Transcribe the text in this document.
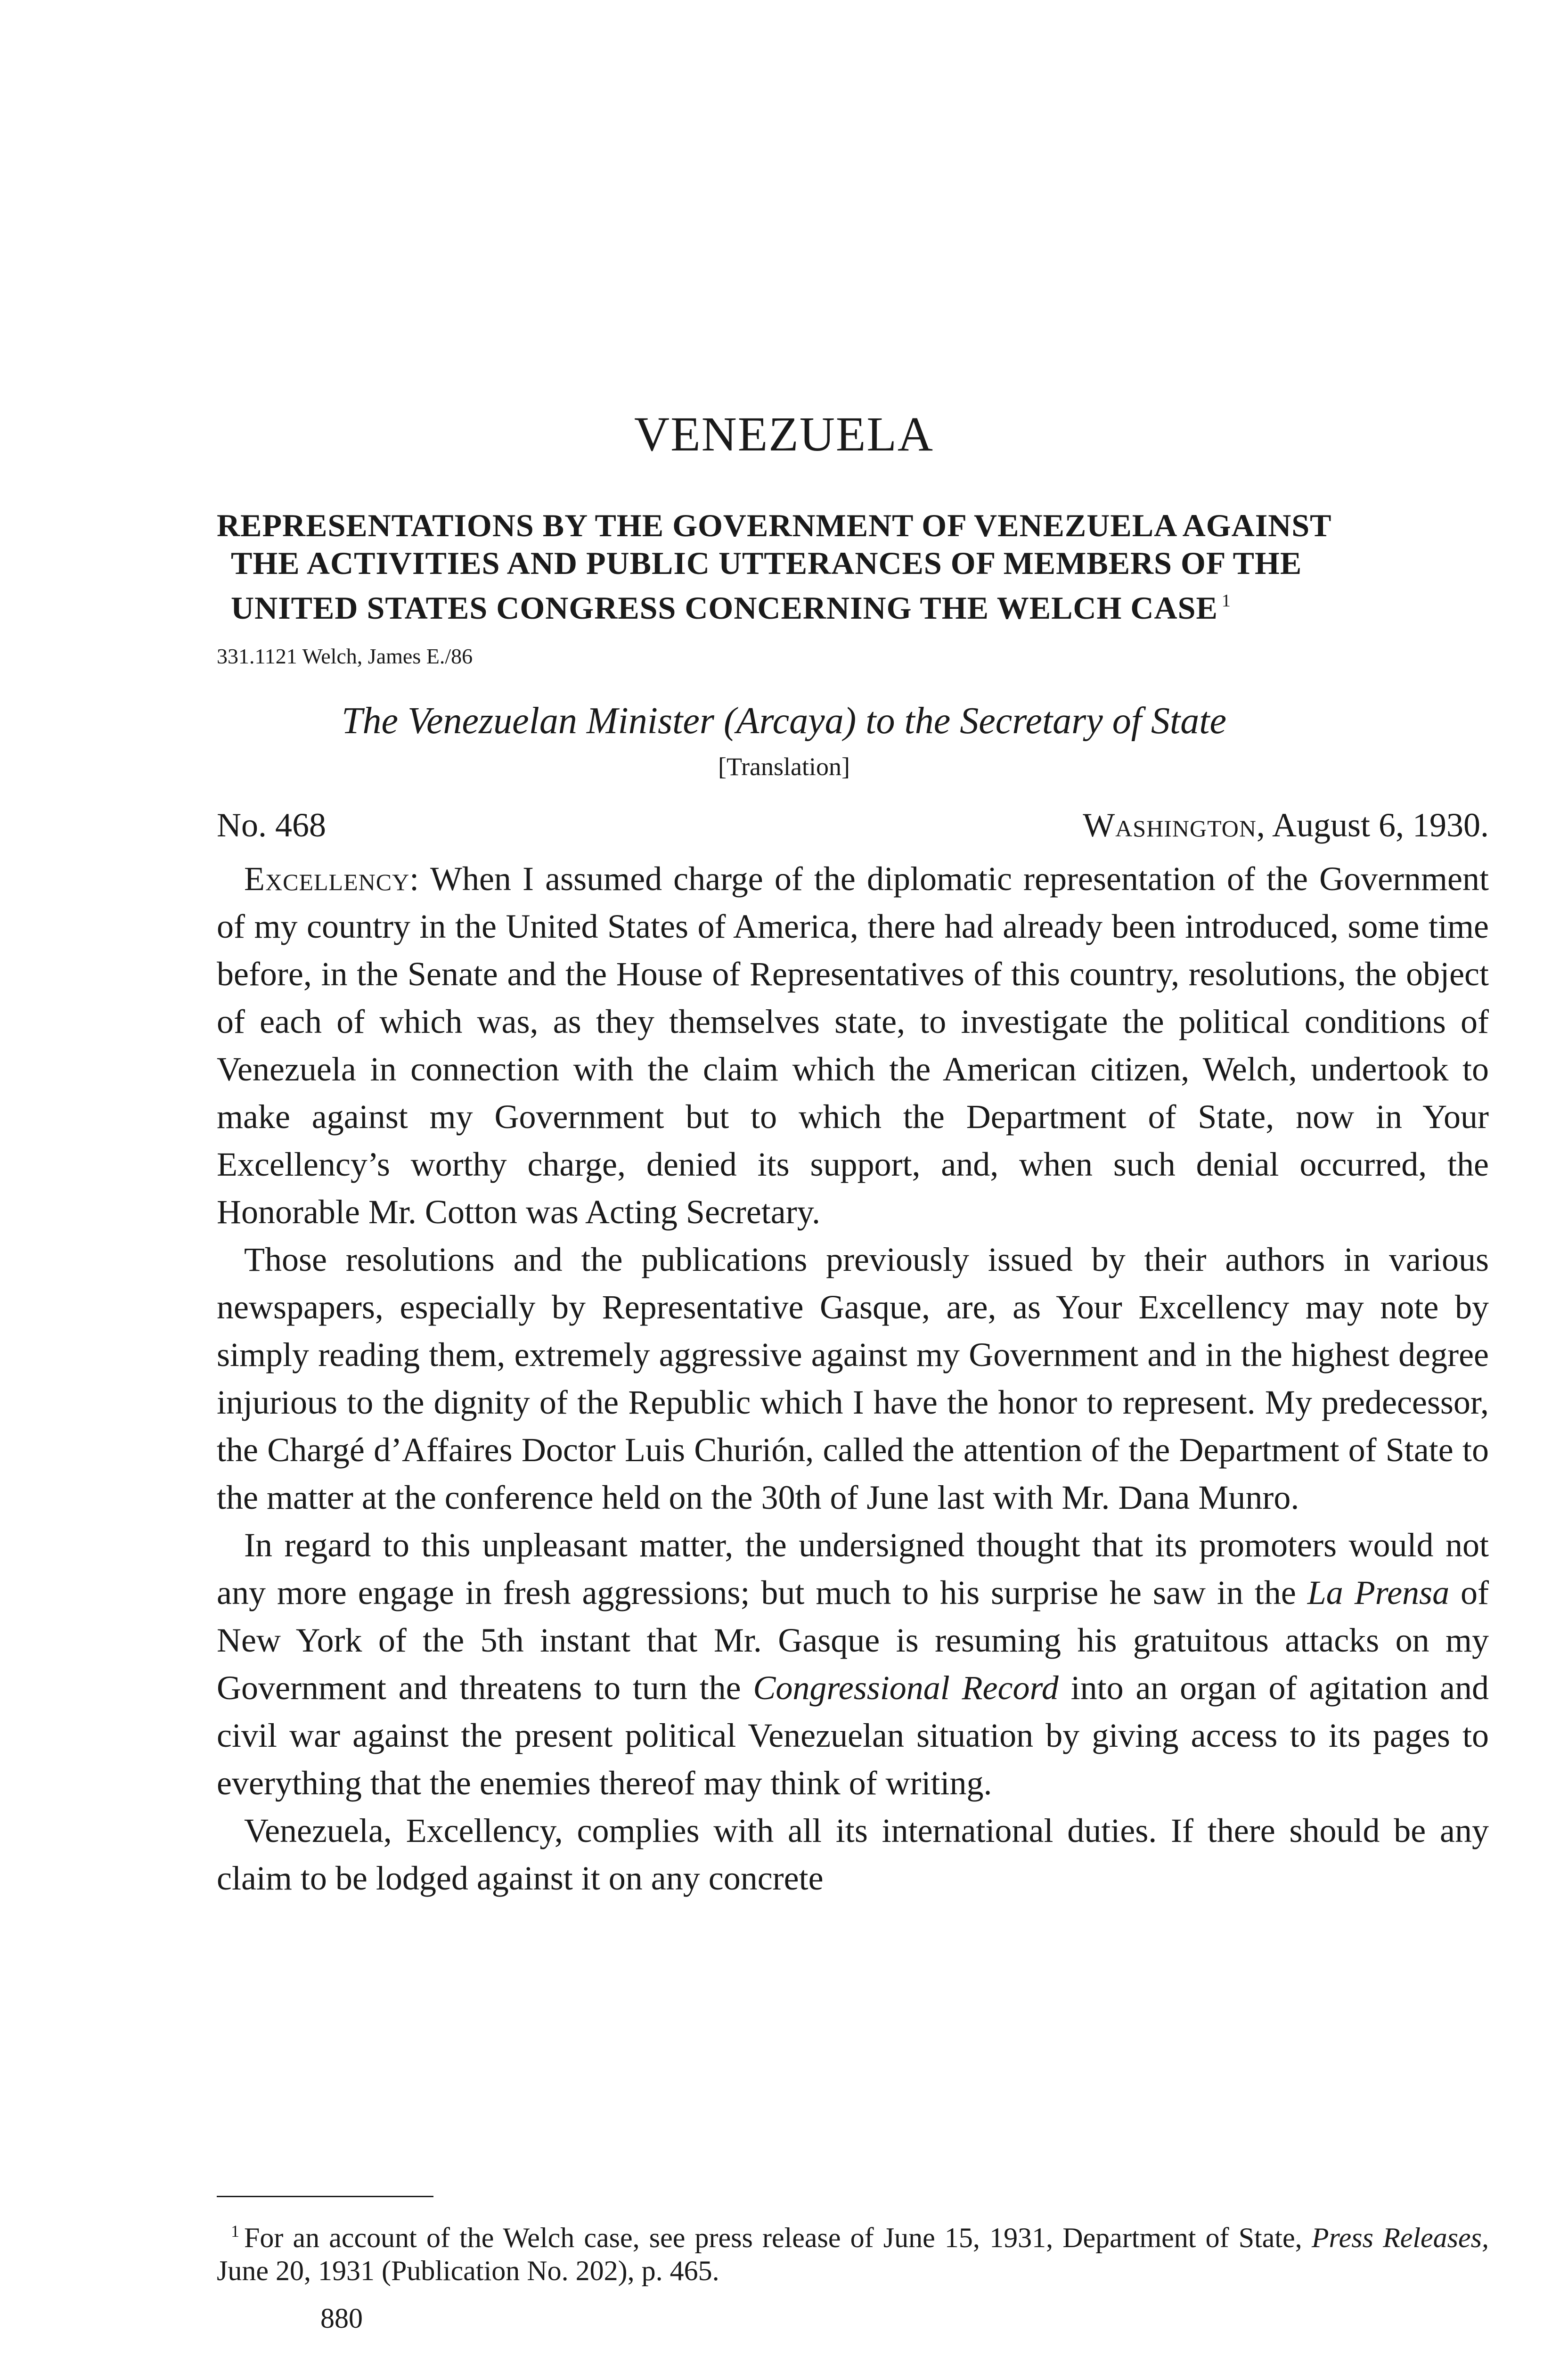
VENEZUELA
REPRESENTATIONS BY THE GOVERNMENT OF VENEZUELA AGAINST
THE ACTIVITIES AND PUBLIC UTTERANCES OF MEMBERS OF THE
UNITED STATES CONGRESS CONCERNING THE WELCH CASE $^1$
331.1121 Welch, James E./86
The Venezuelan Minister (Arcaya) to the Secretary of State
[Translation]
No. 468	Washington, August 6, 1930.

Excellency: When I assumed charge of the diplomatic representation of the Government of my country in the United States of America, there had already been introduced, some time before, in the Senate and the House of Representatives of this country, resolutions, the object of each of which was, as they themselves state, to investigate the political conditions of Venezuela in connection with the claim which the American citizen, Welch, undertook to make against my Government but to which the Department of State, now in Your Excellency’s worthy charge, denied its support, and, when such denial occurred, the Honorable Mr. Cotton was Acting Secretary.

Those resolutions and the publications previously issued by their authors in various newspapers, especially by Representative Gasque, are, as Your Excellency may note by simply reading them, extremely aggressive against my Government and in the highest degree injurious to the dignity of the Republic which I have the honor to represent. My predecessor, the Chargé d’Affaires Doctor Luis Churión, called the attention of the Department of State to the matter at the conference held on the 30th of June last with Mr. Dana Munro.

In regard to this unpleasant matter, the undersigned thought that its promoters would not any more engage in fresh aggressions; but much to his surprise he saw in the La Prensa of New York of the 5th instant that Mr. Gasque is resuming his gratuitous attacks on my Government and threatens to turn the Congressional Record into an organ of agitation and civil war against the present political Venezuelan situation by giving access to its pages to everything that the enemies thereof may think of writing.

Venezuela, Excellency, complies with all its international duties. If there should be any claim to be lodged against it on any concrete

$^1$ For an account of the Welch case, see press release of June 15, 1931, Department of State, Press Releases, June 20, 1931 (Publication No. 202), p. 465.
880
